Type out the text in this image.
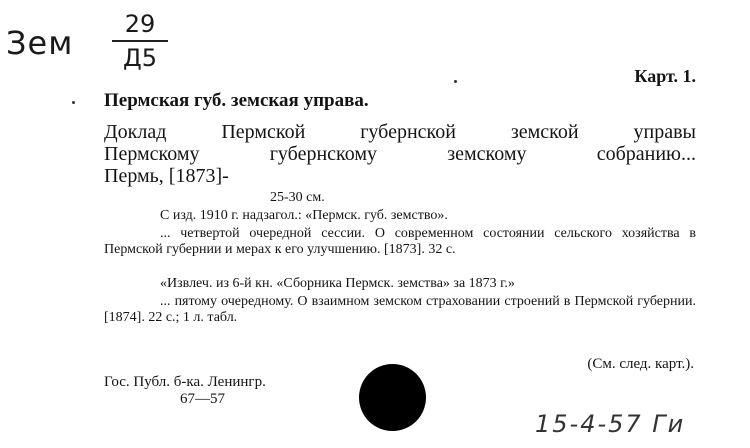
Зем	29
Д5
Карт. 1.
Пермская губ. земская управа.
Доклад	Пермской	губернской	земской	управы
Пермскому	губернскому	земскому	собранию...
Пермь, [1873]-
25-30 см.
С изд. 1910 г. надзагол.: «Пермск. губ. земство».
... четвертой очередной сессии. О современном состоянии сельского хозяйства в Пермской губернии и мерах к его улучшению. [1873]. 32 с.
«Извлеч. из 6-й кн. «Сборника Пермск. земства» за 1873 г.»
... пятому очередному. О взаимном земском страховании строений в Пермской губернии. [1874]. 22 с.; 1 л. табл.
(См. след. карт.).
Гос. Публ. б-ка. Ленингр.
67—57
15-4-57 Ги
